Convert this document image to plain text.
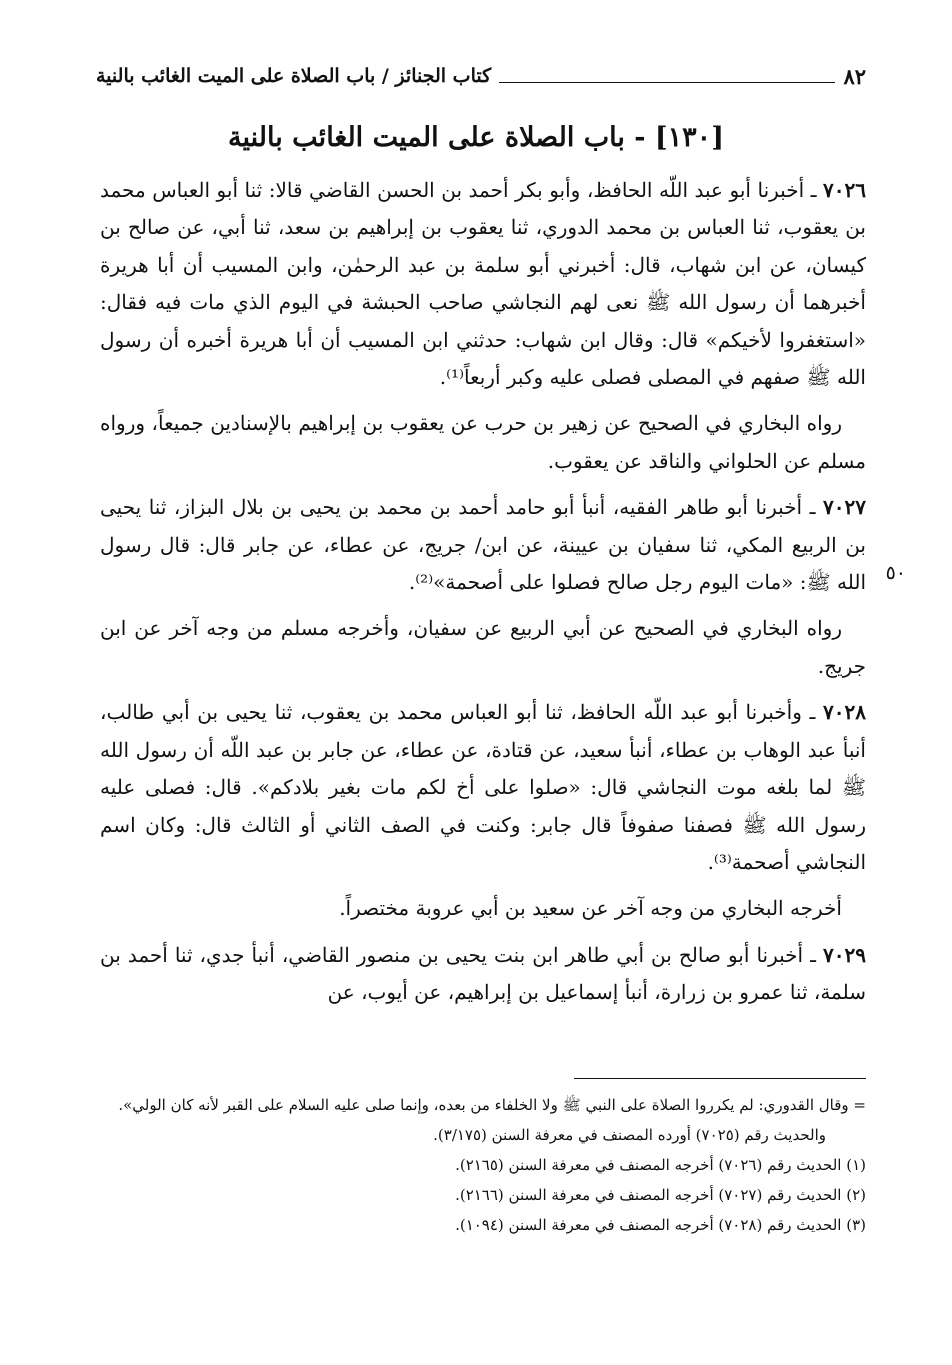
٨٢
كتاب الجنائز / باب الصلاة على الميت الغائب بالنية
[١٣٠] - باب الصلاة على الميت الغائب بالنية
٥٠

٧٠٢٦ ـ أخبرنا أبو عبد اللّه الحافظ، وأبو بكر أحمد بن الحسن القاضي قالا: ثنا أبو العباس محمد بن يعقوب، ثنا العباس بن محمد الدوري، ثنا يعقوب بن إبراهيم بن سعد، ثنا أبي، عن صالح بن كيسان، عن ابن شهاب، قال: أخبرني أبو سلمة بن عبد الرحمٰن، وابن المسيب أن أبا هريرة أخبرهما أن رسول الله ﷺ نعى لهم النجاشي صاحب الحبشة في اليوم الذي مات فيه فقال: «استغفروا لأخيكم» قال: وقال ابن شهاب: حدثني ابن المسيب أن أبا هريرة أخبره أن رسول الله ﷺ صفهم في المصلى فصلى عليه وكبر أربعاً⁽¹⁾.

رواه البخاري في الصحيح عن زهير بن حرب عن يعقوب بن إبراهيم بالإسنادين جميعاً، ورواه مسلم عن الحلواني والناقد عن يعقوب.

٧٠٢٧ ـ أخبرنا أبو طاهر الفقيه، أنبأ أبو حامد أحمد بن محمد بن يحيى بن بلال البزاز، ثنا يحيى بن الربيع المكي، ثنا سفيان بن عيينة، عن ابن/ جريج، عن عطاء، عن جابر قال: قال رسول الله ﷺ: «مات اليوم رجل صالح فصلوا على أصحمة»⁽²⁾.

رواه البخاري في الصحيح عن أبي الربيع عن سفيان، وأخرجه مسلم من وجه آخر عن ابن جريج.

٧٠٢٨ ـ وأخبرنا أبو عبد اللّه الحافظ، ثنا أبو العباس محمد بن يعقوب، ثنا يحيى بن أبي طالب، أنبأ عبد الوهاب بن عطاء، أنبأ سعيد، عن قتادة، عن عطاء، عن جابر بن عبد اللّه أن رسول الله ﷺ لما بلغه موت النجاشي قال: «صلوا على أخ لكم مات بغير بلادكم». قال: فصلى عليه رسول الله ﷺ فصفنا صفوفاً قال جابر: وكنت في الصف الثاني أو الثالث قال: وكان اسم النجاشي أصحمة⁽³⁾.

أخرجه البخاري من وجه آخر عن سعيد بن أبي عروبة مختصراً.

٧٠٢٩ ـ أخبرنا أبو صالح بن أبي طاهر ابن بنت يحيى بن منصور القاضي، أنبأ جدي، ثنا أحمد بن سلمة، ثنا عمرو بن زرارة، أنبأ إسماعيل بن إبراهيم، عن أيوب، عن

= وقال القدوري: لم يكرروا الصلاة على النبي ﷺ ولا الخلفاء من بعده، وإنما صلى عليه السلام على القبر لأنه كان الولي».
والحديث رقم (٧٠٢٥) أورده المصنف في معرفة السنن (٣/١٧٥).
(١) الحديث رقم (٧٠٢٦) أخرجه المصنف في معرفة السنن (٢١٦٥).
(٢) الحديث رقم (٧٠٢٧) أخرجه المصنف في معرفة السنن (٢١٦٦).
(٣) الحديث رقم (٧٠٢٨) أخرجه المصنف في معرفة السنن (١٠٩٤).
